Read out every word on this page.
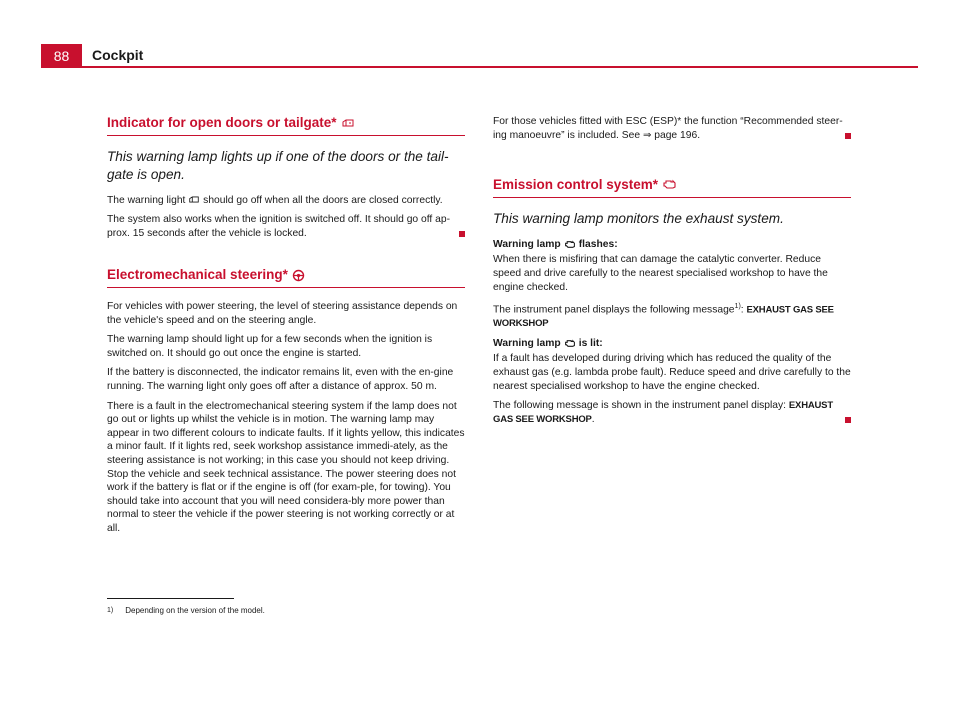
88	Cockpit
Indicator for open doors or tailgate*

This warning lamp lights up if one of the doors or the tail-gate is open.

The warning light should go off when all the doors are closed correctly.

The system also works when the ignition is switched off. It should go off ap-prox. 15 seconds after the vehicle is locked.

Electromechanical steering*

For vehicles with power steering, the level of steering assistance depends on the vehicle's speed and on the steering angle.

The warning lamp should light up for a few seconds when the ignition is switched on. It should go out once the engine is started.

If the battery is disconnected, the indicator remains lit, even with the en-gine running. The warning light only goes off after a distance of approx. 50 m.

There is a fault in the electromechanical steering system if the lamp does not go out or lights up whilst the vehicle is in motion. The warning lamp may appear in two different colours to indicate faults. If it lights yellow, this indicates a minor fault. If it lights red, seek workshop assistance immedi-ately, as the steering assistance is not working; in this case you should not keep driving. Stop the vehicle and seek technical assistance. The power steering does not work if the battery is flat or if the engine is off (for exam-ple, for towing). You should take into account that you will need considera-bly more power than normal to steer the vehicle if the power steering is not working correctly or at all.

For those vehicles fitted with ESC (ESP)* the function “Recommended steer-ing manoeuvre” is included. See ⇒ page 196.

Emission control system*

This warning lamp monitors the exhaust system.

Warning lamp flashes:

When there is misfiring that can damage the catalytic converter. Reduce speed and drive carefully to the nearest specialised workshop to have the engine checked.

The instrument panel displays the following message$^{1)}$: EXHAUST GAS SEE WORKSHOP

Warning lamp is lit:

If a fault has developed during driving which has reduced the quality of the exhaust gas (e.g. lambda probe fault). Reduce speed and drive carefully to the nearest specialised workshop to have the engine checked.

The following message is shown in the instrument panel display: EXHAUST GAS SEE WORKSHOP.

1) Depending on the version of the model.
